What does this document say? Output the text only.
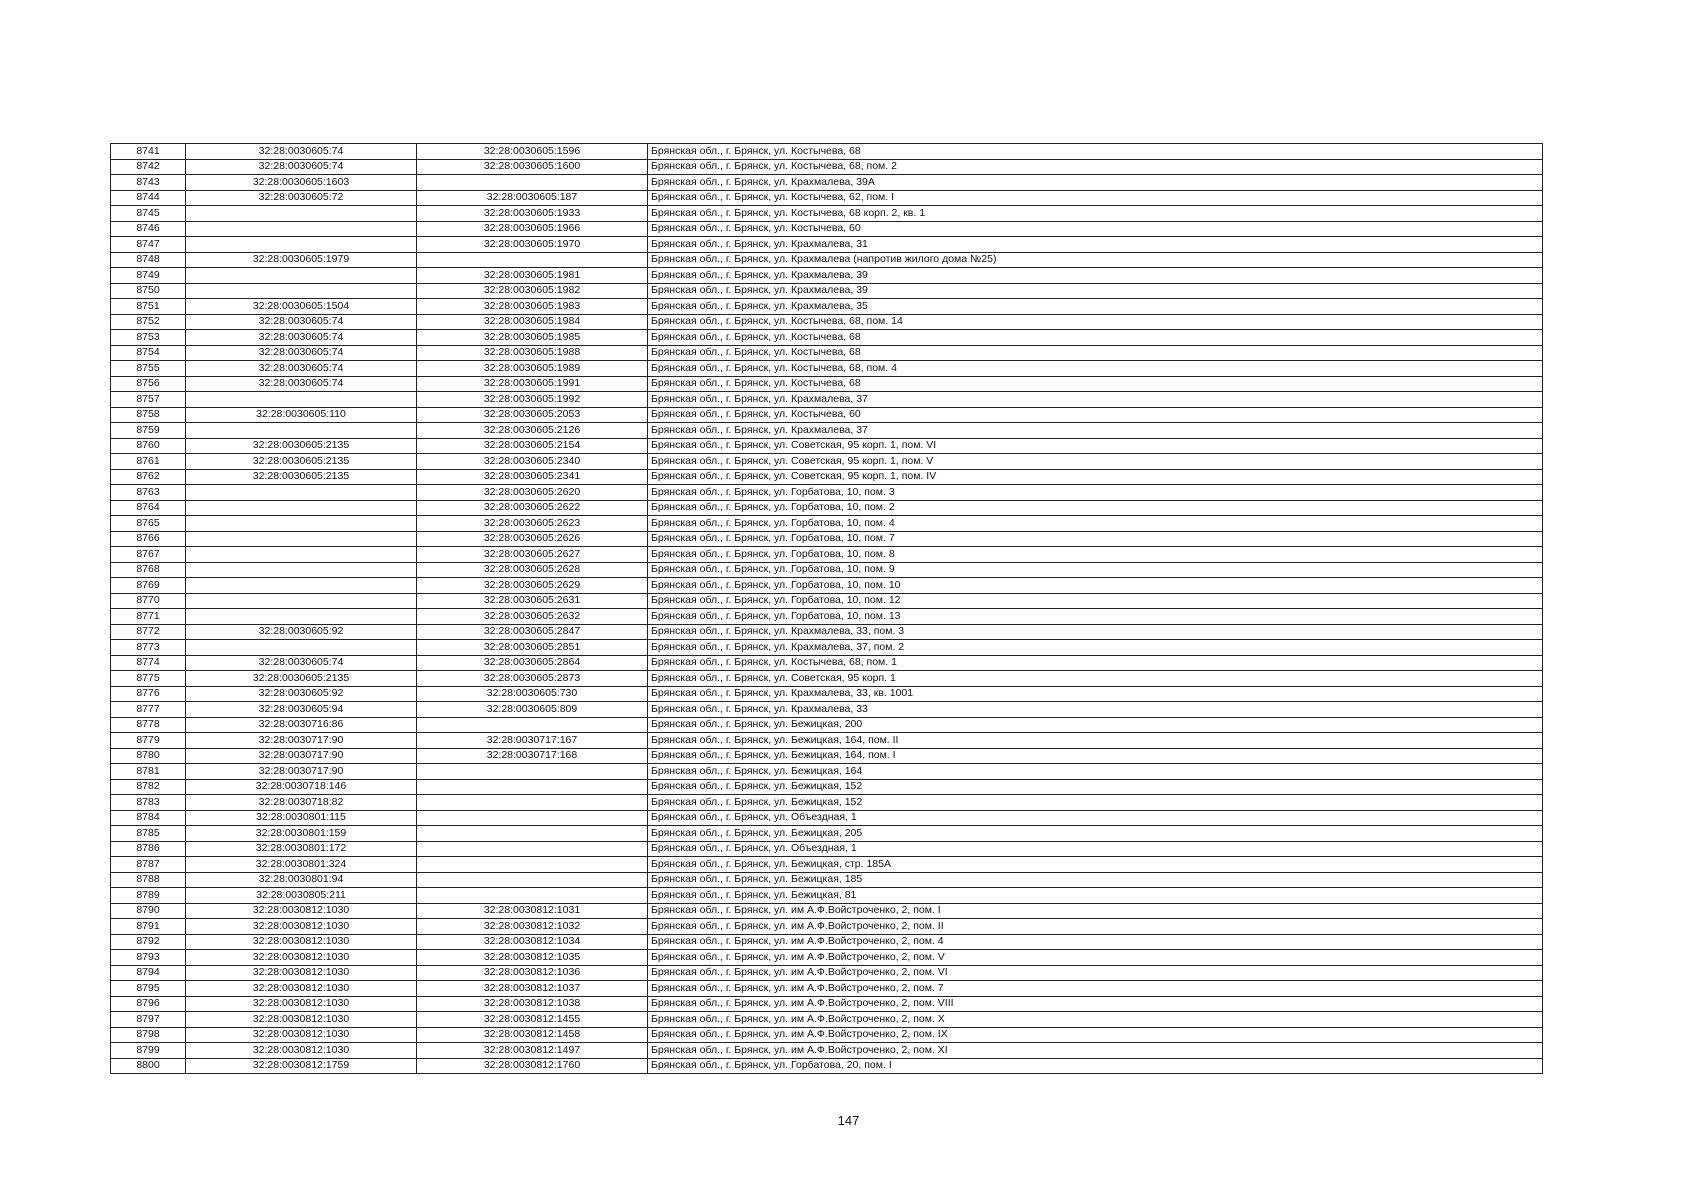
8741	32:28:0030605:74	32:28:0030605:1596	Брянская обл., г. Брянск, ул. Костычева, 68
8742	32:28:0030605:74	32:28:0030605:1600	Брянская обл., г. Брянск, ул. Костычева, 68, пом. 2
8743	32:28:0030605:1603		Брянская обл., г. Брянск, ул. Крахмалева, 39А
8744	32:28:0030605:72	32:28:0030605:187	Брянская обл., г. Брянск, ул. Костычева, 62, пом. I
8745		32:28:0030605:1933	Брянская обл., г. Брянск, ул. Костычева, 68 корп. 2, кв. 1
8746		32:28:0030605:1966	Брянская обл., г. Брянск, ул. Костычева, 60
8747		32:28:0030605:1970	Брянская обл., г. Брянск, ул. Крахмалева, 31
8748	32:28:0030605:1979		Брянская обл., г. Брянск, ул. Крахмалева (напротив жилого дома №25)
8749		32:28:0030605:1981	Брянская обл., г. Брянск, ул. Крахмалева, 39
8750		32:28:0030605:1982	Брянская обл., г. Брянск, ул. Крахмалева, 39
8751	32:28:0030605:1504	32:28:0030605:1983	Брянская обл., г. Брянск, ул. Крахмалева, 35
8752	32:28:0030605:74	32:28:0030605:1984	Брянская обл., г. Брянск, ул. Костычева, 68, пом. 14
8753	32:28:0030605:74	32:28:0030605:1985	Брянская обл., г. Брянск, ул. Костычева, 68
8754	32:28:0030605:74	32:28:0030605:1988	Брянская обл., г. Брянск, ул. Костычева, 68
8755	32:28:0030605:74	32:28:0030605:1989	Брянская обл., г. Брянск, ул. Костычева, 68, пом. 4
8756	32:28:0030605:74	32:28:0030605:1991	Брянская обл., г. Брянск, ул. Костычева, 68
8757		32:28:0030605:1992	Брянская обл., г. Брянск, ул. Крахмалева, 37
8758	32:28:0030605:110	32:28:0030605:2053	Брянская обл., г. Брянск, ул. Костычева, 60
8759		32:28:0030605:2126	Брянская обл., г. Брянск, ул. Крахмалева, 37
8760	32:28:0030605:2135	32:28:0030605:2154	Брянская обл., г. Брянск, ул. Советская, 95 корп. 1, пом. VI
8761	32:28:0030605:2135	32:28:0030605:2340	Брянская обл., г. Брянск, ул. Советская, 95 корп. 1, пом. V
8762	32:28:0030605:2135	32:28:0030605:2341	Брянская обл., г. Брянск, ул. Советская, 95 корп. 1, пом. IV
8763		32:28:0030605:2620	Брянская обл., г. Брянск, ул. Горбатова, 10, пом. 3
8764		32:28:0030605:2622	Брянская обл., г. Брянск, ул. Горбатова, 10, пом. 2
8765		32:28:0030605:2623	Брянская обл., г. Брянск, ул. Горбатова, 10, пом. 4
8766		32:28:0030605:2626	Брянская обл., г. Брянск, ул. Горбатова, 10, пом. 7
8767		32:28:0030605:2627	Брянская обл., г. Брянск, ул. Горбатова, 10, пом. 8
8768		32:28:0030605:2628	Брянская обл., г. Брянск, ул. Горбатова, 10, пом. 9
8769		32:28:0030605:2629	Брянская обл., г. Брянск, ул. Горбатова, 10, пом. 10
8770		32:28:0030605:2631	Брянская обл., г. Брянск, ул. Горбатова, 10, пом. 12
8771		32:28:0030605:2632	Брянская обл., г. Брянск, ул. Горбатова, 10, пом. 13
8772	32:28:0030605:92	32:28:0030605:2847	Брянская обл., г. Брянск, ул. Крахмалева, 33, пом. 3
8773		32:28:0030605:2851	Брянская обл., г. Брянск, ул. Крахмалева, 37, пом. 2
8774	32:28:0030605:74	32:28:0030605:2864	Брянская обл., г. Брянск, ул. Костычева, 68, пом. 1
8775	32:28:0030605:2135	32:28:0030605:2873	Брянская обл., г. Брянск, ул. Советская, 95 корп. 1
8776	32:28:0030605:92	32:28:0030605:730	Брянская обл., г. Брянск, ул. Крахмалева, 33, кв. 1001
8777	32:28:0030605:94	32:28:0030605:809	Брянская обл., г. Брянск, ул. Крахмалева, 33
8778	32:28:0030716:86		Брянская обл., г. Брянск, ул. Бежицкая, 200
8779	32:28:0030717:90	32:28:0030717:167	Брянская обл., г. Брянск, ул. Бежицкая, 164, пом. II
8780	32:28:0030717:90	32:28:0030717:168	Брянская обл., г. Брянск, ул. Бежицкая, 164, пом. I
8781	32:28:0030717:90		Брянская обл., г. Брянск, ул. Бежицкая, 164
8782	32:28:0030718:146		Брянская обл., г. Брянск, ул. Бежицкая, 152
8783	32:28:0030718:82		Брянская обл., г. Брянск, ул. Бежицкая, 152
8784	32:28:0030801:115		Брянская обл., г. Брянск, ул. Объездная, 1
8785	32:28:0030801:159		Брянская обл., г. Брянск, ул. Бежицкая, 205
8786	32:28:0030801:172		Брянская обл., г. Брянск, ул. Объездная, 1
8787	32:28:0030801:324		Брянская обл., г. Брянск, ул. Бежицкая, стр. 185А
8788	32:28:0030801:94		Брянская обл., г. Брянск, ул. Бежицкая, 185
8789	32:28:0030805:211		Брянская обл., г. Брянск, ул. Бежицкая, 81
8790	32:28:0030812:1030	32:28:0030812:1031	Брянская обл., г. Брянск, ул. им А.Ф.Войстроченко, 2, пом. I
8791	32:28:0030812:1030	32:28:0030812:1032	Брянская обл., г. Брянск, ул. им А.Ф.Войстроченко, 2, пом. II
8792	32:28:0030812:1030	32:28:0030812:1034	Брянская обл., г. Брянск, ул. им А.Ф.Войстроченко, 2, пом. 4
8793	32:28:0030812:1030	32:28:0030812:1035	Брянская обл., г. Брянск, ул. им А.Ф.Войстроченко, 2, пом. V
8794	32:28:0030812:1030	32:28:0030812:1036	Брянская обл., г. Брянск, ул. им А.Ф.Войстроченко, 2, пом. VI
8795	32:28:0030812:1030	32:28:0030812:1037	Брянская обл., г. Брянск, ул. им А.Ф.Войстроченко, 2, пом. 7
8796	32:28:0030812:1030	32:28:0030812:1038	Брянская обл., г. Брянск, ул. им А.Ф.Войстроченко, 2, пом. VIII
8797	32:28:0030812:1030	32:28:0030812:1455	Брянская обл., г. Брянск, ул. им А.Ф.Войстроченко, 2, пом. X
8798	32:28:0030812:1030	32:28:0030812:1458	Брянская обл., г. Брянск, ул. им А.Ф.Войстроченко, 2, пом. IX
8799	32:28:0030812:1030	32:28:0030812:1497	Брянская обл., г. Брянск, ул. им А.Ф.Войстроченко, 2, пом. XI
8800	32:28:0030812:1759	32:28:0030812:1760	Брянская обл., г. Брянск, ул. Горбатова, 20, пом. I
147
